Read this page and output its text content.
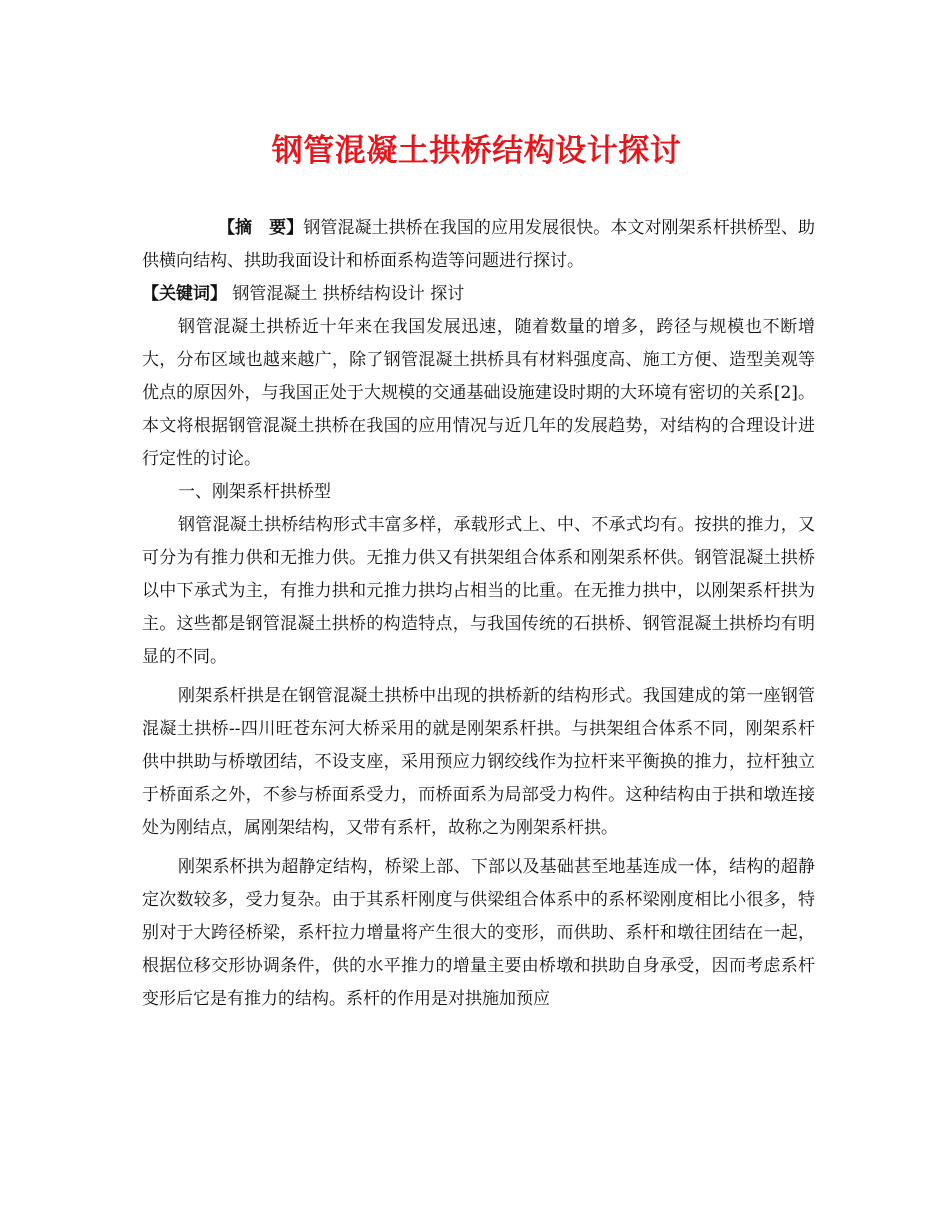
钢管混凝土拱桥结构设计探讨

【摘　要】钢管混凝土拱桥在我国的应用发展很快。本文对刚架系杆拱桥型、助供横向结构、拱助我面设计和桥面系构造等问题进行探讨。

【关键词】 钢管混凝土 拱桥结构设计 探讨

钢管混凝土拱桥近十年来在我国发展迅速，随着数量的增多，跨径与规模也不断增大，分布区域也越来越广，除了钢管混凝土拱桥具有材料强度高、施工方便、造型美观等优点的原因外，与我国正处于大规模的交通基础设施建设时期的大环境有密切的关系[2]。本文将根据钢管混凝土拱桥在我国的应用情况与近几年的发展趋势，对结构的合理设计进行定性的讨论。

一、刚架系杆拱桥型

钢管混凝土拱桥结构形式丰富多样，承载形式上、中、不承式均有。按拱的推力，又可分为有推力供和无推力供。无推力供又有拱架组合体系和刚架系杯供。钢管混凝土拱桥以中下承式为主，有推力拱和元推力拱均占相当的比重。在无推力拱中，以刚架系杆拱为主。这些都是钢管混凝土拱桥的构造特点，与我国传统的石拱桥、钢管混凝土拱桥均有明显的不同。

刚架系杆拱是在钢管混凝土拱桥中出现的拱桥新的结构形式。我国建成的第一座钢管混凝土拱桥--四川旺苍东河大桥采用的就是刚架系杆拱。与拱架组合体系不同，刚架系杆供中拱助与桥墩团结，不设支座，采用预应力钢绞线作为拉杆来平衡换的推力，拉杆独立于桥面系之外，不参与桥面系受力，而桥面系为局部受力构件。这种结构由于拱和墩连接处为刚结点，属刚架结构，又带有系杆，故称之为刚架系杆拱。

刚架系杯拱为超静定结构，桥梁上部、下部以及基础甚至地基连成一体，结构的超静定次数较多，受力复杂。由于其系杆刚度与供梁组合体系中的系杯梁刚度相比小很多，特别对于大跨径桥梁，系杆拉力增量将产生很大的变形，而供助、系杆和墩往团结在一起，根据位移交形协调条件，供的水平推力的增量主要由桥墩和拱助自身承受，因而考虑系杆变形后它是有推力的结构。系杆的作用是对拱施加预应
